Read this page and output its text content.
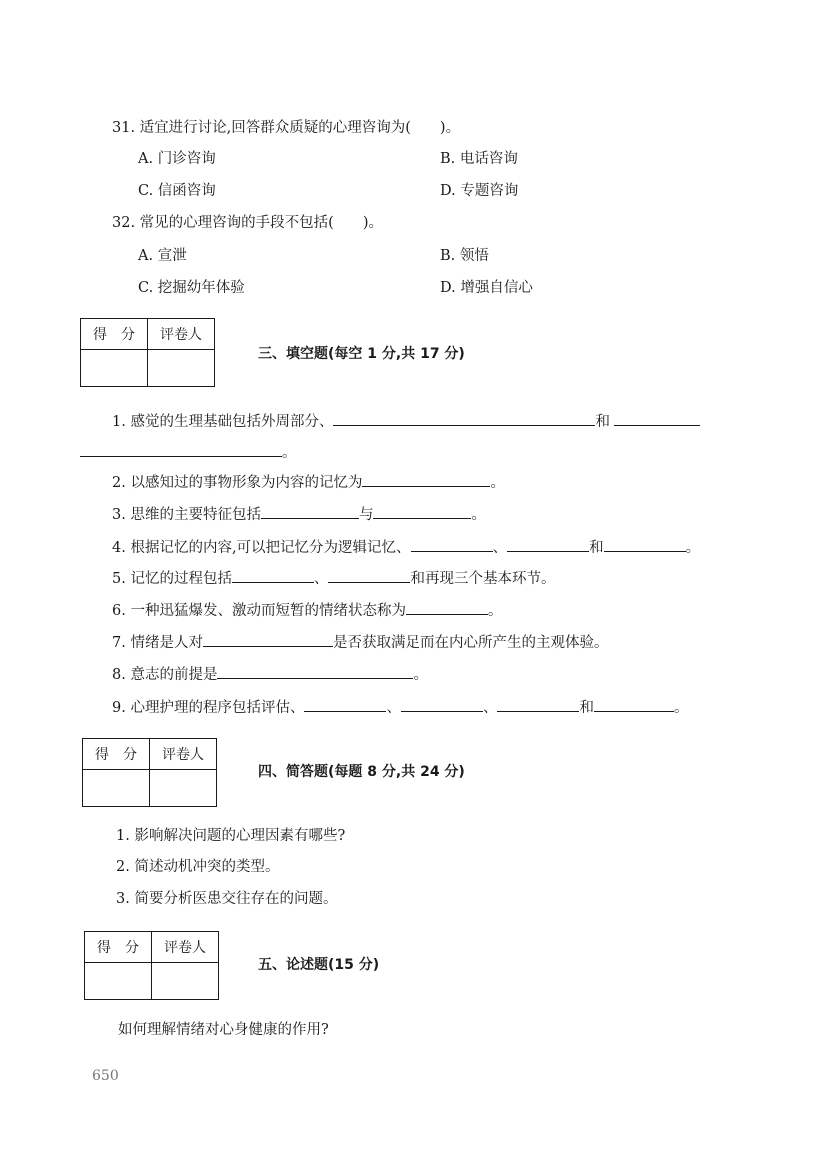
31. 适宜进行讨论,回答群众质疑的心理咨询为(　　)。
A. 门诊咨询	B. 电话咨询
C. 信函咨询	D. 专题咨询
32. 常见的心理咨询的手段不包括(　　)。
A. 宣泄	B. 领悟
C. 挖掘幼年体验	D. 增强自信心
得　分	评卷人

三、填空题(每空 1 分,共 17 分)
1. 感觉的生理基础包括外周部分、	和
。
2. 以感知过的事物形象为内容的记忆为	。
3. 思维的主要特征包括	与	。
4. 根据记忆的内容,可以把记忆分为逻辑记忆、	、	和	。
5. 记忆的过程包括	、	和再现三个基本环节。
6. 一种迅猛爆发、激动而短暂的情绪状态称为	。
7. 情绪是人对	是否获取满足而在内心所产生的主观体验。
8. 意志的前提是	。
9. 心理护理的程序包括评估、	、	、	和	。
得　分	评卷人

四、简答题(每题 8 分,共 24 分)
1. 影响解决问题的心理因素有哪些?
2. 简述动机冲突的类型。
3. 简要分析医患交往存在的问题。
得　分	评卷人

五、论述题(15 分)
如何理解情绪对心身健康的作用?
650
